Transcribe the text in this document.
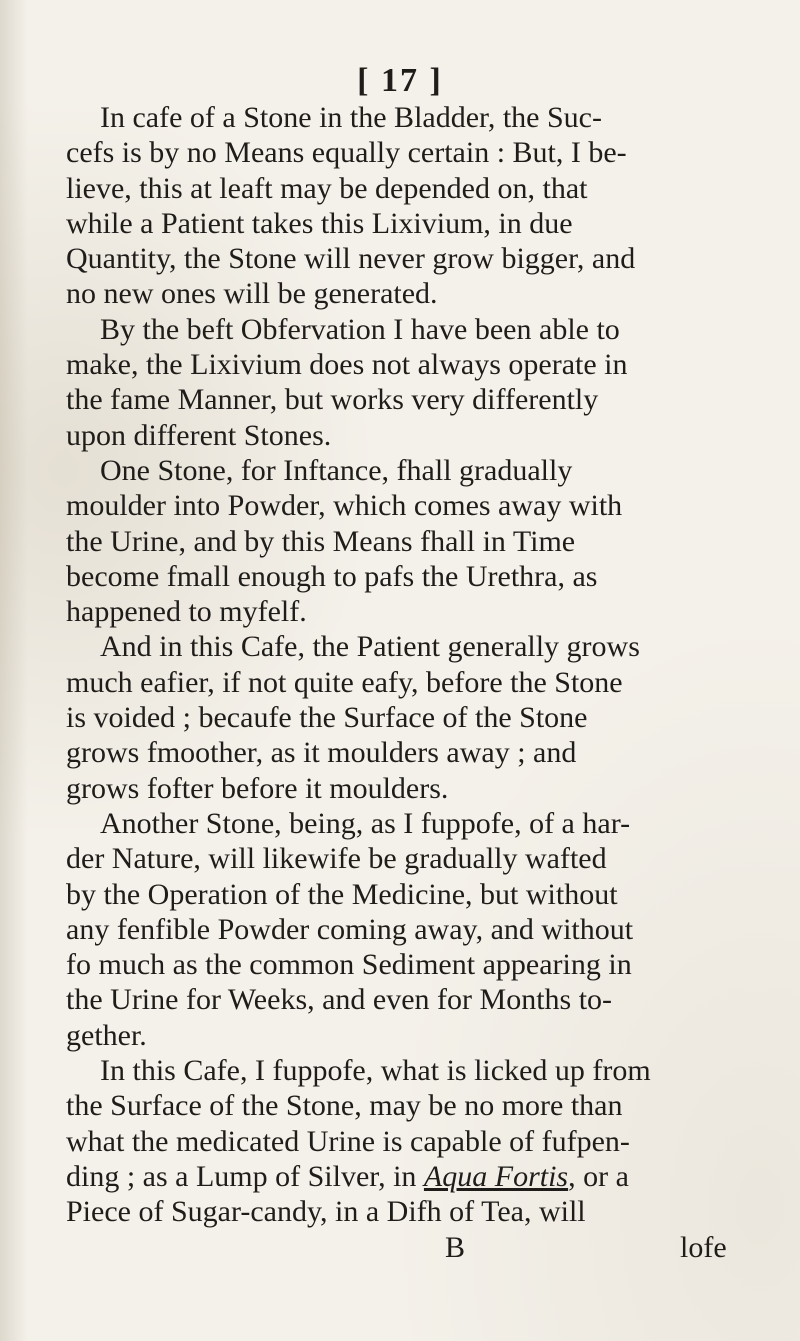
[ 17 ]
In cafe of a Stone in the Bladder, the Suc-
cefs is by no Means equally certain : But, I be-
lieve, this at leaft may be depended on, that
while a Patient takes this Lixivium, in due
Quantity, the Stone will never grow bigger, and
no new ones will be generated.
By the beft Obfervation I have been able to
make, the Lixivium does not always operate in
the fame Manner, but works very differently
upon different Stones.
One Stone, for Inftance, fhall gradually
moulder into Powder, which comes away with
the Urine, and by this Means fhall in Time
become fmall enough to pafs the Urethra, as
happened to myfelf.
And in this Cafe, the Patient generally grows
much eafier, if not quite eafy, before the Stone
is voided ; becaufe the Surface of the Stone
grows fmoother, as it moulders away ; and
grows fofter before it moulders.
Another Stone, being, as I fuppofe, of a har-
der Nature, will likewife be gradually wafted
by the Operation of the Medicine, but without
any fenfible Powder coming away, and without
fo much as the common Sediment appearing in
the Urine for Weeks, and even for Months to-
gether.
In this Cafe, I fuppofe, what is licked up from
the Surface of the Stone, may be no more than
what the medicated Urine is capable of fufpen-
ding ; as a Lump of Silver, in Aqua Fortis, or a
Piece of Sugar-candy, in a Difh of Tea, will
B	lofe
